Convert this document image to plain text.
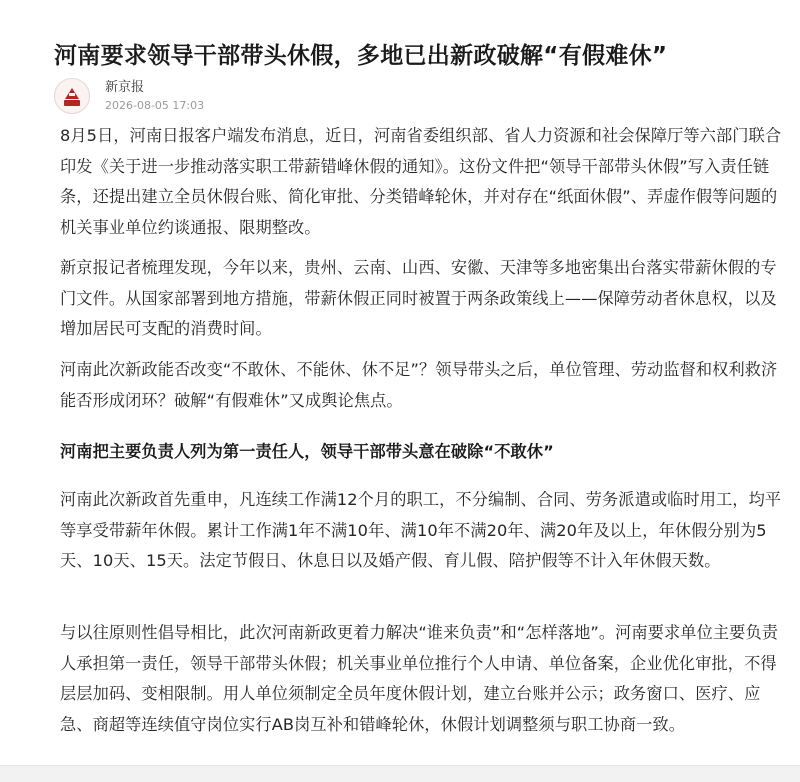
河南要求领导干部带头休假，多地已出新政破解“有假难休”
新京报
2026-08-05 17:03

8月5日，河南日报客户端发布消息，近日，河南省委组织部、省人力资源和社会保障厅等六部门联合印发《关于进一步推动落实职工带薪错峰休假的通知》。这份文件把“领导干部带头休假”写入责任链条，还提出建立全员休假台账、简化审批、分类错峰轮休，并对存在“纸面休假”、弄虚作假等问题的机关事业单位约谈通报、限期整改。

新京报记者梳理发现，今年以来，贵州、云南、山西、安徽、天津等多地密集出台落实带薪休假的专门文件。从国家部署到地方措施，带薪休假正同时被置于两条政策线上——保障劳动者休息权，以及增加居民可支配的消费时间。

河南此次新政能否改变“不敢休、不能休、休不足”？领导带头之后，单位管理、劳动监督和权利救济能否形成闭环？破解“有假难休”又成舆论焦点。

河南把主要负责人列为第一责任人，领导干部带头意在破除“不敢休”

河南此次新政首先重申，凡连续工作满12个月的职工，不分编制、合同、劳务派遣或临时用工，均平等享受带薪年休假。累计工作满1年不满10年、满10年不满20年、满20年及以上，年休假分别为5天、10天、15天。法定节假日、休息日以及婚产假、育儿假、陪护假等不计入年休假天数。

与以往原则性倡导相比，此次河南新政更着力解决“谁来负责”和“怎样落地”。河南要求单位主要负责人承担第一责任，领导干部带头休假；机关事业单位推行个人申请、单位备案，企业优化审批，不得层层加码、变相限制。用人单位须制定全员年度休假计划，建立台账并公示；政务窗口、医疗、应急、商超等连续值守岗位实行AB岗互补和错峰轮休，休假计划调整须与职工协商一致。
